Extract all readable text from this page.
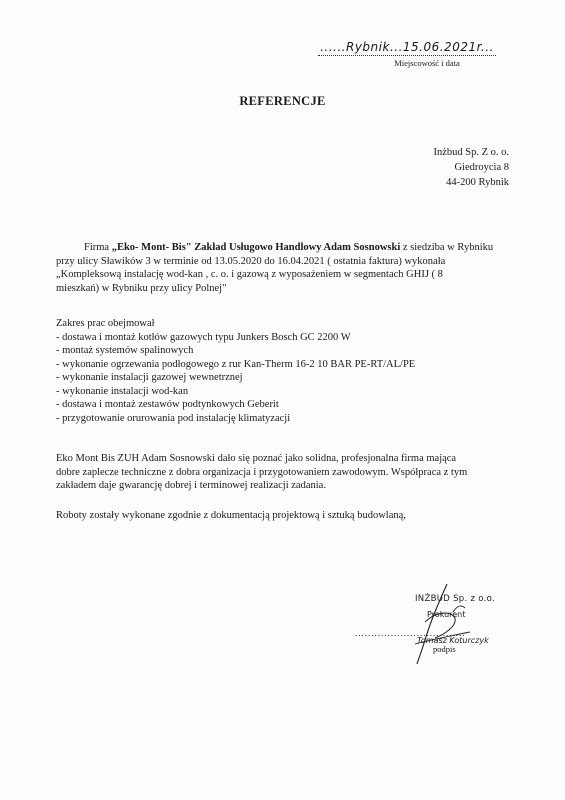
......Rybnik...15.06.2021r...
Miejscowość i data
REFERENCJE
Inżbud Sp. Z o. o.
Giedroycia 8
44-200 Rybnik
Firma „Eko- Mont- Bis" Zakład Usługowo Handlowy Adam Sosnowski z siedziba w Rybniku
przy ulicy Sławików 3 w terminie od 13.05.2020 do 16.04.2021 ( ostatnia faktura) wykonała
„Kompleksową instalację wod-kan , c. o. i gazową z wyposażeniem w segmentach GHIJ ( 8
mieszkań) w Rybniku przy ulicy Polnej"
Zakres prac obejmował
- dostawa i montaż kotłów gazowych typu Junkers Bosch GC 2200 W
- montaż systemów spalinowych
- wykonanie ogrzewania podłogowego z rur Kan-Therm 16-2 10 BAR PE-RT/AL/PE
- wykonanie instalacji gazowej wewnetrznej
- wykonanie instalacji wod-kan
- dostawa i montaż zestawów podtynkowych Geberit
- przygotowanie orurowania pod instalację klimatyzacji
Eko Mont Bis ZUH Adam Sosnowski dało się poznać jako solidna, profesjonalna firma mająca
dobre zaplecze techniczne z dobra organizacja i przygotowaniem zawodowym. Współpraca z tym
zakładem daje gwarancję dobrej i terminowej realizacji zadania.
Roboty zostały wykonane zgodnie z dokumentacją projektową i sztuką budowlaną,
INŻBUD Sp. z o.o.
Prokurent
..................................
Tomasz Koturczyk
podpis
